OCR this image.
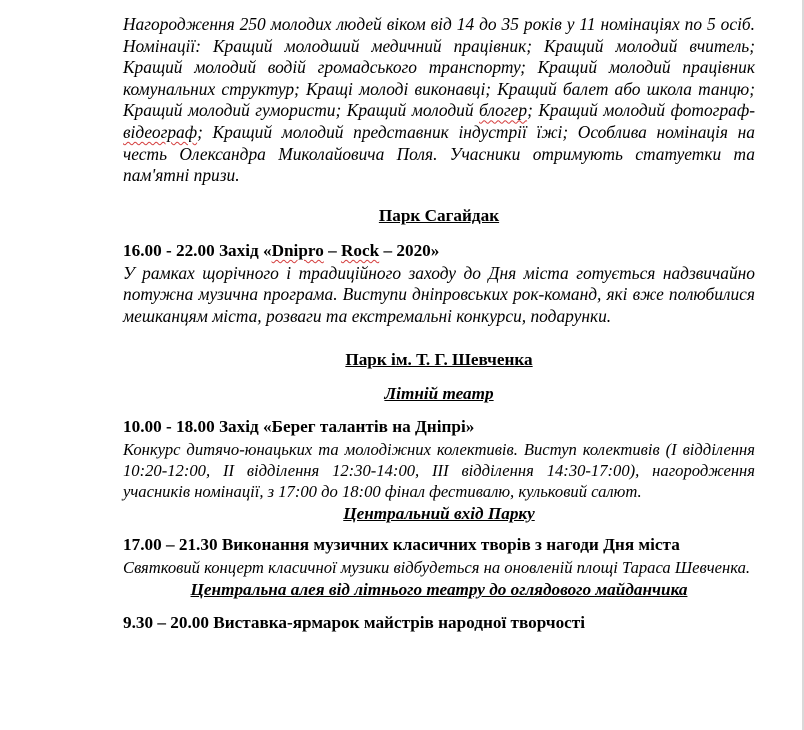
Нагородження 250 молодих людей віком від 14 до 35 років у 11 номінаціях по 5 осіб. Номінації: Кращий молодший медичний працівник; Кращий молодий вчитель; Кращий молодий водій громадського транспорту; Кращий молодий працівник комунальних структур; Кращі молоді виконавці; Кращий балет або школа танцю; Кращий молодий гумористи; Кращий молодий блогер; Кращий молодий фотограф-відеограф; Кращий молодий представник індустрії їжі; Особлива номінація на честь Олександра Миколайовича Поля. Учасники отримують статуетки та пам'ятні призи.

Парк Сагайдак

16.00 - 22.00 Захід «Dnipro – Rock – 2020»

У рамках щорічного і традиційного заходу до Дня міста готується надзвичайно потужна музична програма. Виступи дніпровських рок-команд, які вже полюбилися мешканцям міста, розваги та екстремальні конкурси, подарунки.

Парк ім. Т. Г. Шевченка

Літній театр

10.00 - 18.00 Захід «Берег талантів на Дніпрі»

Конкурс дитячо-юнацьких та молодіжних колективів. Виступ колективів (І відділення 10:20-12:00, ІІ відділення 12:30-14:00, ІІІ відділення 14:30-17:00), нагородження учасників номінації, з 17:00 до 18:00 фінал фестивалю, кульковий салют.

Центральний вхід Парку

17.00 – 21.30 Виконання музичних класичних творів з нагоди Дня міста

Святковий концерт класичної музики відбудеться на оновленій площі Тараса Шевченка.

Центральна алея від літнього театру до оглядового майданчика

9.30 – 20.00 Виставка-ярмарок майстрів народної творчості
